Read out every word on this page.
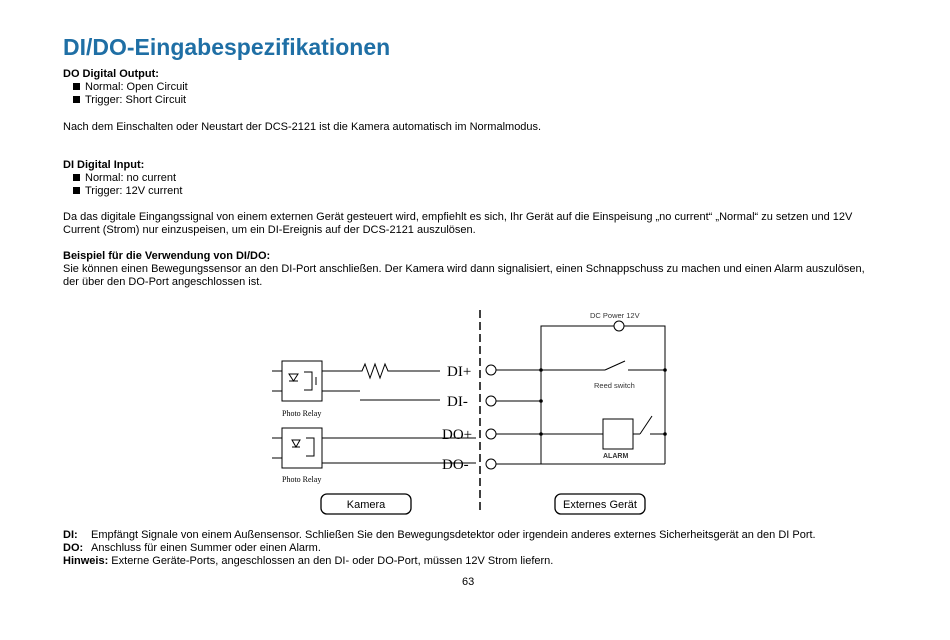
DI/DO-Eingabespezifikationen
DO Digital Output:
Normal: Open Circuit
Trigger: Short Circuit
Nach dem Einschalten oder Neustart der DCS-2121 ist die Kamera automatisch im Normalmodus.
DI Digital Input:
Normal: no current
Trigger: 12V current
Da das digitale Eingangssignal von einem externen Gerät gesteuert wird, empfiehlt es sich, Ihr Gerät auf die Einspeisung „no current“ „Normal“ zu setzen und 12V Current (Strom) nur einzuspeisen, um ein DI-Ereignis auf der DCS-2121 auszulösen.
Beispiel für die Verwendung von DI/DO:
Sie können einen Bewegungssensor an den DI-Port anschließen. Der Kamera wird dann signalisiert, einen Schnappschuss zu machen und einen Alarm auszulösen, der über den DO-Port angeschlossen ist.
Photo Relay
Photo Relay
DI+
DI-
DO+
DO-
DC Power 12V
Reed switch
ALARM
Kamera	Externes Gerät
DI: Empfängt Signale von einem Außensensor. Schließen Sie den Bewegungsdetektor oder irgendein anderes externes Sicherheitsgerät an den DI Port.
DO: Anschluss für einen Summer oder einen Alarm.
Hinweis: Externe Geräte-Ports, angeschlossen an den DI- oder DO-Port, müssen 12V Strom liefern.
63
